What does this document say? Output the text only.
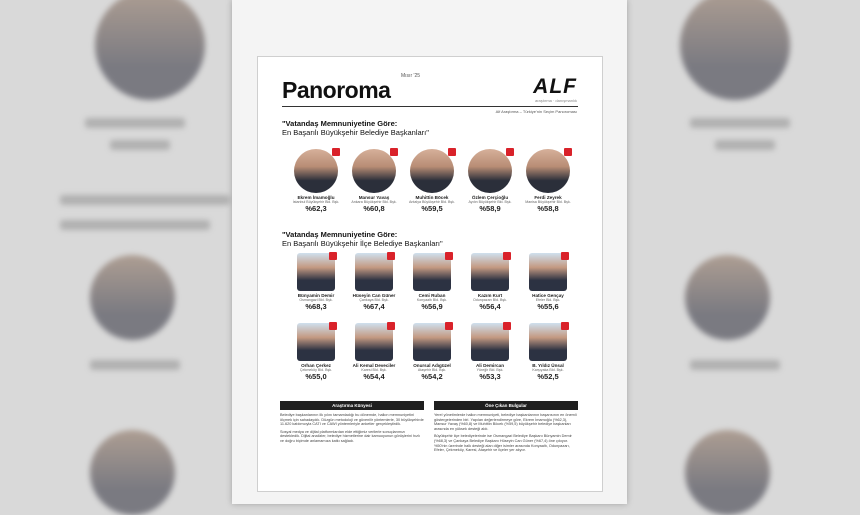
Panoroma
Mısır '25	ALF
araştırma · danışmanlık
Alf Araştırma – Türkiye'nin Seçim Panoroması
"Vatandaş Memnuniyetine Göre:
En Başarılı Büyükşehir Belediye Başkanları"
Ekrem İmamoğlu
İstanbul Büyükşehir Bld. Bşk.
%62,3
Mansur Yavaş
Ankara Büyükşehir Bld. Bşk.
%60,8
Muhittin Böcek
Antalya Büyükşehir Bld. Bşk.
%59,5
Özlem Çerçioğlu
Aydın Büyükşehir Bld. Bşk.
%58,9
Ferdi Zeyrek
Manisa Büyükşehir Bld. Bşk.
%58,8
"Vatandaş Memnuniyetine Göre:
En Başarılı Büyükşehir İlçe Belediye Başkanları"
Bünyamin Demir
Osmangazi Bld. Bşk.
%68,3
Hüseyin Can Güner
Çankaya Bld. Bşk.
%67,4
Cemi Ruban
Konyaaltı Bld. Bşk.
%56,9
Kazım Kurt
Odunpazarı Bld. Bşk.
%56,4
Hatice Gençay
Efeler Bld. Bşk.
%55,6
Orhan Çerkez
Çekmeköy Bld. Bşk.
%55,0
Ali Kemal Deveciler
Karesi Bld. Bşk.
%54,4
Onursal Adıgüzel
Ataşehir Bld. Bşk.
%54,2
Ali Demircan
Yüreğir Bld. Bşk.
%53,3
B. Yıldız Ünsal
Karşıyaka Bld. Bşk.
%52,5
Araştırma Künyesi

Belediye başkanlarının ilk yılını tamamladığı bu dönemde, halkın memnuniyetini ölçmek için sahadaydık. Düzgün metodoloji ve güvenilir yöntemlerle, 30 büyükşehirde 11.620 katılımcıyla CATI ve CAWI yöntemleriyle anketler gerçekleştirdik.

Sosyal medya ve dijital platformlardan elde ettiğimiz verilerle sonuçlarımızı destekledik. Dijital analizler, belediye hizmetlerine dair kamuoyunun görüşlerini hızlı ve doğru biçimde anlamamıza katkı sağladı.

Öne Çıkan Bulgular

Yerel yönetimlerde halkın memnuniyeti, belediye başkanlarının başarısının en önemli göstergelerinden biri. Yapılan değerlendirmeye göre, Ekrem İmamoğlu (%62,3), Mansur Yavaş (%60,8) ve Muhittin Böcek (%59,5) büyükşehir belediye başkanları arasında en yüksek desteği aldı.

Büyükşehir ilçe belediyelerinde ise Osmangazi Belediye Başkanı Bünyamin Demir (%68,3) ve Çankaya Belediye Başkanı Hüseyin Can Güner (%67,4) öne çıkıyor. %50'nin üzerinde halk desteği alan diğer isimler arasında Konyaaltı, Odunpazarı, Efeler, Çekmeköy, Karesi, Ataşehir ve ilçeler yer alıyor.
